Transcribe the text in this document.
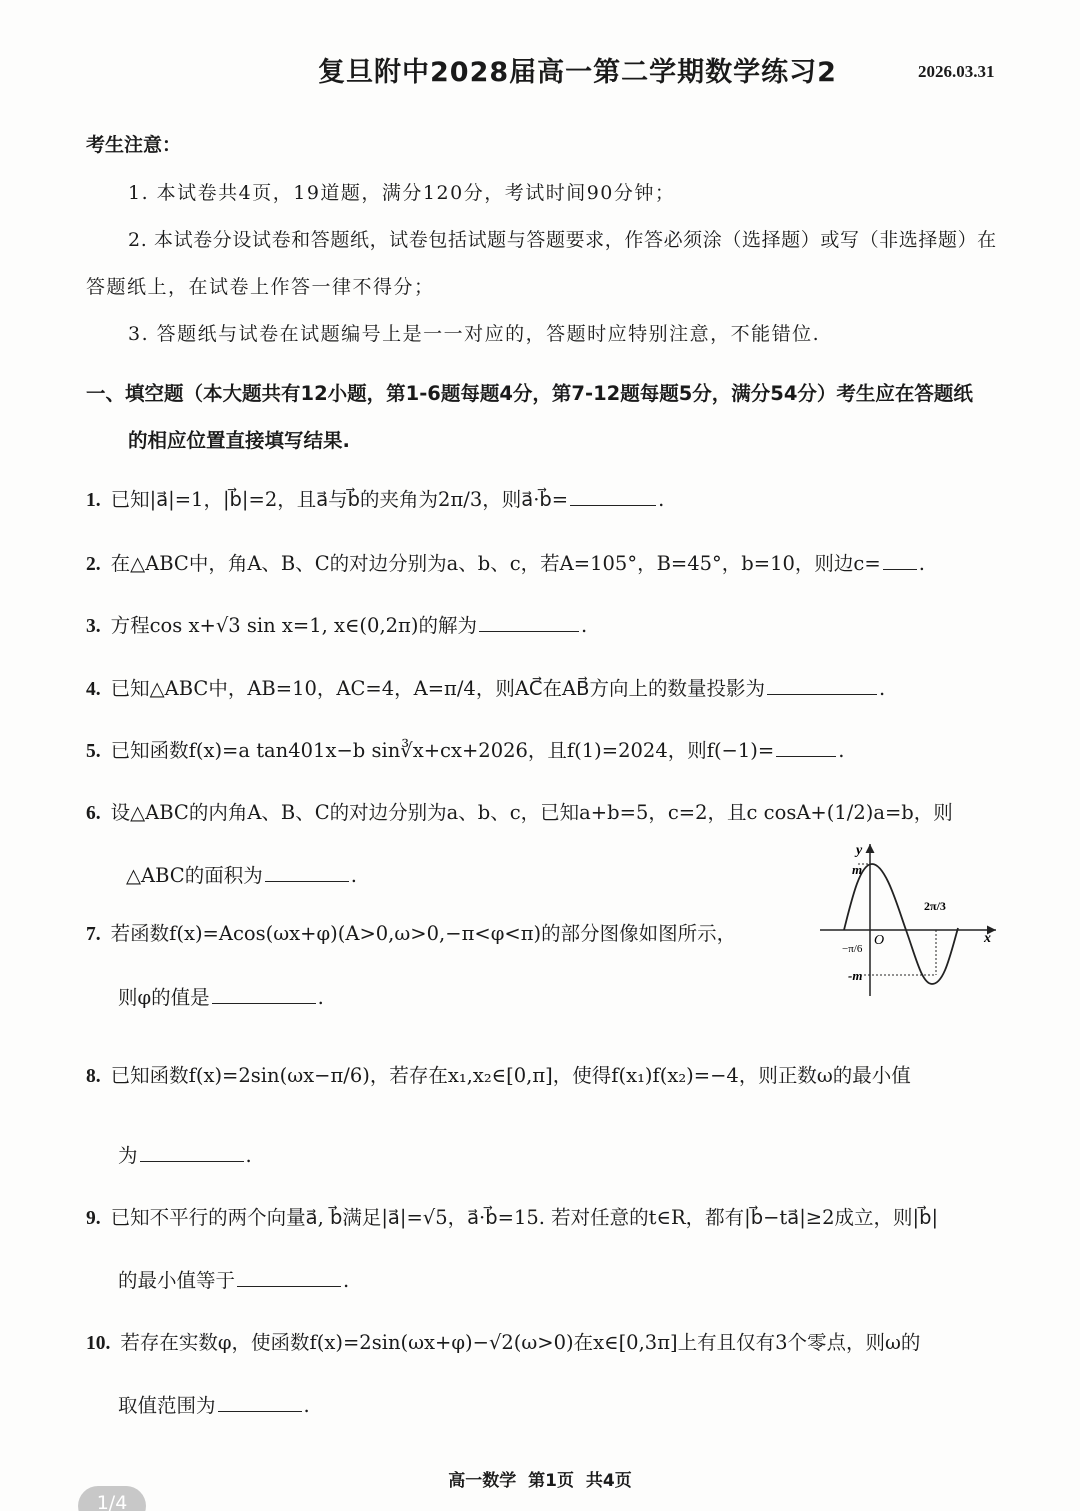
复旦附中2028届高一第二学期数学练习2	2026.03.31
考生注意：
1. 本试卷共4页，19道题，满分120分，考试时间90分钟；
2. 本试卷分设试卷和答题纸，试卷包括试题与答题要求，作答必须涂（选择题）或写（非选择题）在
答题纸上，在试卷上作答一律不得分；
3. 答题纸与试卷在试题编号上是一一对应的，答题时应特别注意，不能错位.
一、填空题（本大题共有12小题，第1-6题每题4分，第7-12题每题5分，满分54分）考生应在答题纸
的相应位置直接填写结果.
1. 已知|a⃗|=1，|b⃗|=2，且a⃗与b⃗的夹角为2π/3，则a⃗·b⃗=	.
2. 在△ABC中，角A、B、C的对边分别为a、b、c，若A=105°，B=45°，b=10，则边c= .
3. 方程cos x+√3 sin x=1, x∈(0,2π)的解为	.
4. 已知△ABC中，AB=10，AC=4，A=π/4，则AC⃗在AB⃗方向上的数量投影为	.
5. 已知函数f(x)=a tan401x−b sin∛x+cx+2026，且f(1)=2024，则f(−1)=	.
6. 设△ABC的内角A、B、C的对边分别为a、b、c，已知a+b=5，c=2，且c cosA+(1/2)a=b，则
△ABC的面积为	.
7. 若函数f(x)=Acos(ωx+φ)(A>0,ω>0,−π<φ<π)的部分图像如图所示，
则φ的值是	.
y
x
O
m
-m
−π/6
2π/3
8. 已知函数f(x)=2sin(ωx−π/6)，若存在x₁,x₂∈[0,π]，使得f(x₁)f(x₂)=−4，则正数ω的最小值
为	.
9. 已知不平行的两个向量a⃗, b⃗满足|a⃗|=√5，a⃗·b⃗=15. 若对任意的t∈R，都有|b⃗−ta⃗|≥2成立，则|b⃗|
的最小值等于	.
10. 若存在实数φ，使函数f(x)=2sin(ωx+φ)−√2(ω>0)在x∈[0,3π]上有且仅有3个零点，则ω的
取值范围为	.
高一数学 第1页 共4页
1/4
